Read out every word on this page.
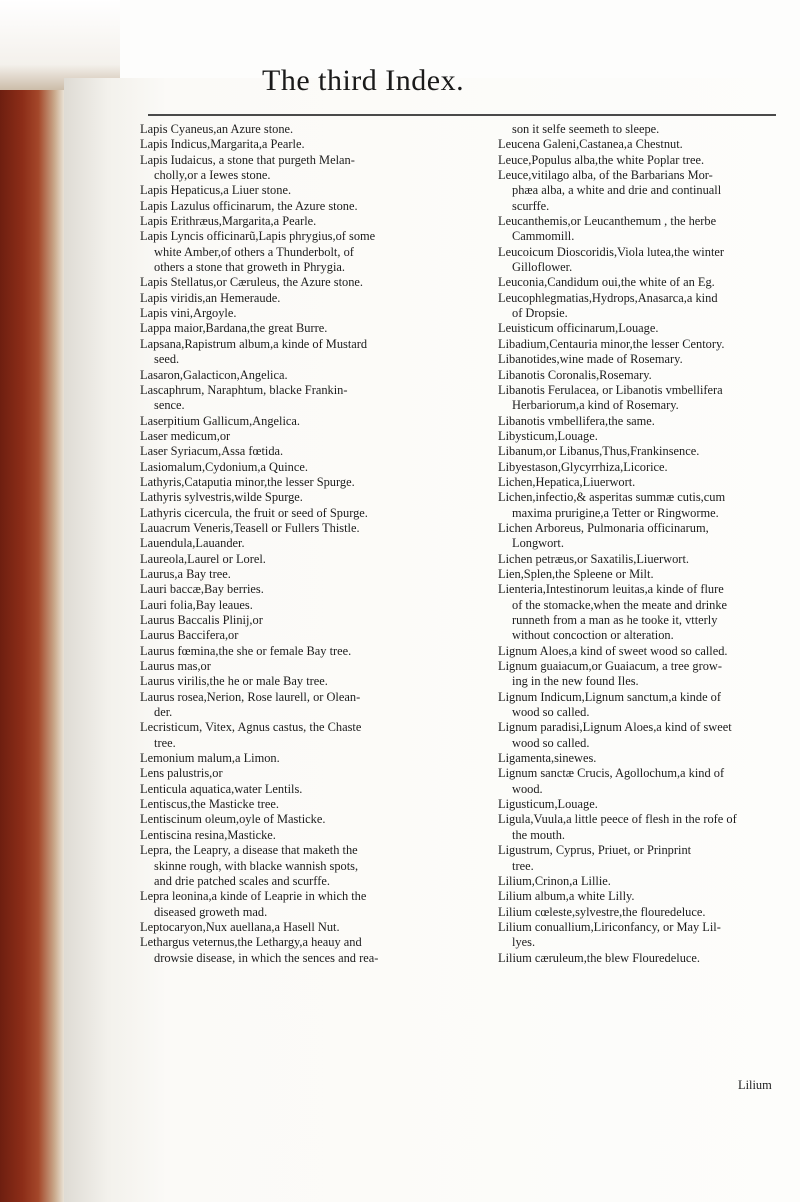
The third Index.
Lapis Cyaneus,an Azure stone.
Lapis Indicus,Margarita,a Pearle.
Lapis Iudaicus, a stone that purgeth Melan-
cholly,or a Iewes stone.
Lapis Hepaticus,a Liuer stone.
Lapis Lazulus officinarum, the Azure stone.
Lapis Erithræus,Margarita,a Pearle.
Lapis Lyncis officinarũ,Lapis phrygius,of some
white Amber,of others a Thunderbolt, of
others a stone that groweth in Phrygia.
Lapis Stellatus,or Cæruleus, the Azure stone.
Lapis viridis,an Hemeraude.
Lapis vini,Argoyle.
Lappa maior,Bardana,the great Burre.
Lapsana,Rapistrum album,a kinde of Mustard
seed.
Lasaron,Galacticon,Angelica.
Lascaphrum, Naraphtum, blacke Frankin-
sence.
Laserpitium Gallicum,Angelica.
Laser medicum,or
Laser Syriacum,Assa fœtida.
Lasiomalum,Cydonium,a Quince.
Lathyris,Cataputia minor,the lesser Spurge.
Lathyris sylvestris,wilde Spurge.
Lathyris cicercula, the fruit or seed of Spurge.
Lauacrum Veneris,Teasell or Fullers Thistle.
Lauendula,Lauander.
Laureola,Laurel or Lorel.
Laurus,a Bay tree.
Lauri baccæ,Bay berries.
Lauri folia,Bay leaues.
Laurus Baccalis Plinij,or
Laurus Baccifera,or
Laurus fœmina,the she or female Bay tree.
Laurus mas,or
Laurus virilis,the he or male Bay tree.
Laurus rosea,Nerion, Rose laurell, or Olean-
der.
Lecristicum, Vitex, Agnus castus, the Chaste
tree.
Lemonium malum,a Limon.
Lens palustris,or
Lenticula aquatica,water Lentils.
Lentiscus,the Masticke tree.
Lentiscinum oleum,oyle of Masticke.
Lentiscina resina,Masticke.
Lepra, the Leapry, a disease that maketh the
skinne rough, with blacke wannish spots,
and drie patched scales and scurffe.
Lepra leonina,a kinde of Leaprie in which the
diseased groweth mad.
Leptocaryon,Nux auellana,a Hasell Nut.
Lethargus veternus,the Lethargy,a heauy and
drowsie disease, in which the sences and rea-
son it selfe seemeth to sleepe.
Leucena Galeni,Castanea,a Chestnut.
Leuce,Populus alba,the white Poplar tree.
Leuce,vitilago alba, of the Barbarians Mor-
phæa alba, a white and drie and continuall
scurffe.
Leucanthemis,or Leucanthemum , the herbe
Cammomill.
Leucoicum Dioscoridis,Viola lutea,the winter
Gilloflower.
Leuconia,Candidum oui,the white of an Eg.
Leucophlegmatias,Hydrops,Anasarca,a kind
of Dropsie.
Leuisticum officinarum,Louage.
Libadium,Centauria minor,the lesser Centory.
Libanotides,wine made of Rosemary.
Libanotis Coronalis,Rosemary.
Libanotis Ferulacea, or Libanotis vmbellifera
Herbariorum,a kind of Rosemary.
Libanotis vmbellifera,the same.
Libysticum,Louage.
Libanum,or Libanus,Thus,Frankinsence.
Libyestason,Glycyrrhiza,Licorice.
Lichen,Hepatica,Liuerwort.
Lichen,infectio,& asperitas summæ cutis,cum
maxima prurigine,a Tetter or Ringworme.
Lichen Arboreus, Pulmonaria officinarum,
Longwort.
Lichen petræus,or Saxatilis,Liuerwort.
Lien,Splen,the Spleene or Milt.
Lienteria,Intestinorum leuitas,a kinde of flure
of the stomacke,when the meate and drinke
runneth from a man as he tooke it, vtterly
without concoction or alteration.
Lignum Aloes,a kind of sweet wood so called.
Lignum guaiacum,or Guaiacum, a tree grow-
ing in the new found Iles.
Lignum Indicum,Lignum sanctum,a kinde of
wood so called.
Lignum paradisi,Lignum Aloes,a kind of sweet
wood so called.
Ligamenta,sinewes.
Lignum sanctæ Crucis, Agollochum,a kind of
wood.
Ligusticum,Louage.
Ligula,Vuula,a little peece of flesh in the rofe of
the mouth.
Ligustrum, Cyprus, Priuet, or Prinprint
tree.
Lilium,Crinon,a Lillie.
Lilium album,a white Lilly.
Lilium cœleste,sylvestre,the flouredeluce.
Lilium conuallium,Liriconfancy, or May Lil-
lyes.
Lilium cæruleum,the blew Flouredeluce.
Lilium
